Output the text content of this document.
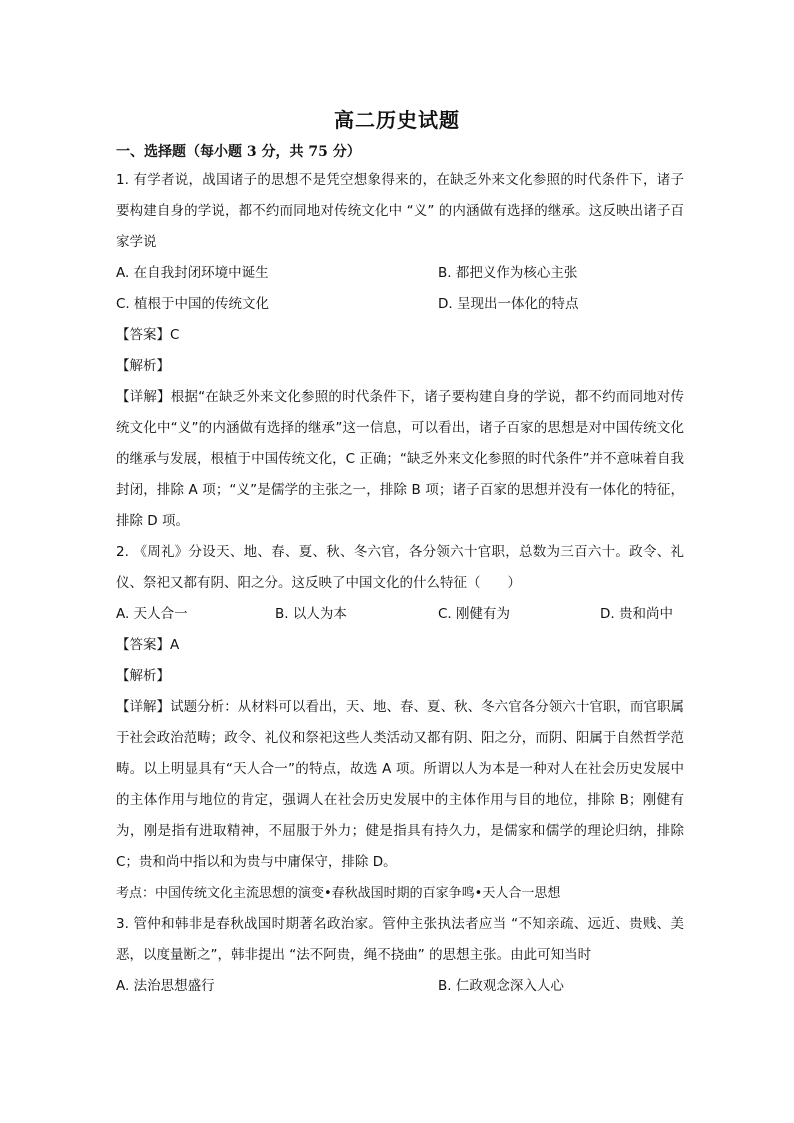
高二历史试题
一、选择题（每小题 3 分，共 75 分）

1. 有学者说，战国诸子的思想不是凭空想象得来的，在缺乏外来文化参照的时代条件下，诸子要构建自身的学说，都不约而同地对传统文化中 “义” 的内涵做有选择的继承。这反映出诸子百家学说

A. 在自我封闭环境中诞生	B. 都把义作为核心主张
C. 植根于中国的传统文化	D. 呈现出一体化的特点

【答案】C

【解析】

【详解】根据“在缺乏外来文化参照的时代条件下，诸子要构建自身的学说，都不约而同地对传统文化中“义”的内涵做有选择的继承”这一信息，可以看出，诸子百家的思想是对中国传统文化的继承与发展，根植于中国传统文化，C 正确；“缺乏外来文化参照的时代条件”并不意味着自我封闭，排除 A 项；“义”是儒学的主张之一，排除 B 项；诸子百家的思想并没有一体化的特征，排除 D 项。

2. 《周礼》分设天、地、春、夏、秋、冬六官，各分领六十官职，总数为三百六十。政令、礼仪、祭祀又都有阴、阳之分。这反映了中国文化的什么特征（　　）

A. 天人合一	B. 以人为本	C. 刚健有为	D. 贵和尚中

【答案】A

【解析】

【详解】试题分析：从材料可以看出，天、地、春、夏、秋、冬六官各分领六十官职，而官职属于社会政治范畴；政令、礼仪和祭祀这些人类活动又都有阴、阳之分，而阴、阳属于自然哲学范畴。以上明显具有“天人合一”的特点，故选 A 项。所谓以人为本是一种对人在社会历史发展中的主体作用与地位的肯定，强调人在社会历史发展中的主体作用与目的地位，排除 B；刚健有为，刚是指有进取精神，不屈服于外力；健是指具有持久力，是儒家和儒学的理论归纳，排除 C；贵和尚中指以和为贵与中庸保守，排除 D。

考点：中国传统文化主流思想的演变•春秋战国时期的百家争鸣•天人合一思想

3. 管仲和韩非是春秋战国时期著名政治家。管仲主张执法者应当 “不知亲疏、远近、贵贱、美恶，以度量断之”，韩非提出 “法不阿贵，绳不挠曲” 的思想主张。由此可知当时

A. 法治思想盛行	B. 仁政观念深入人心
